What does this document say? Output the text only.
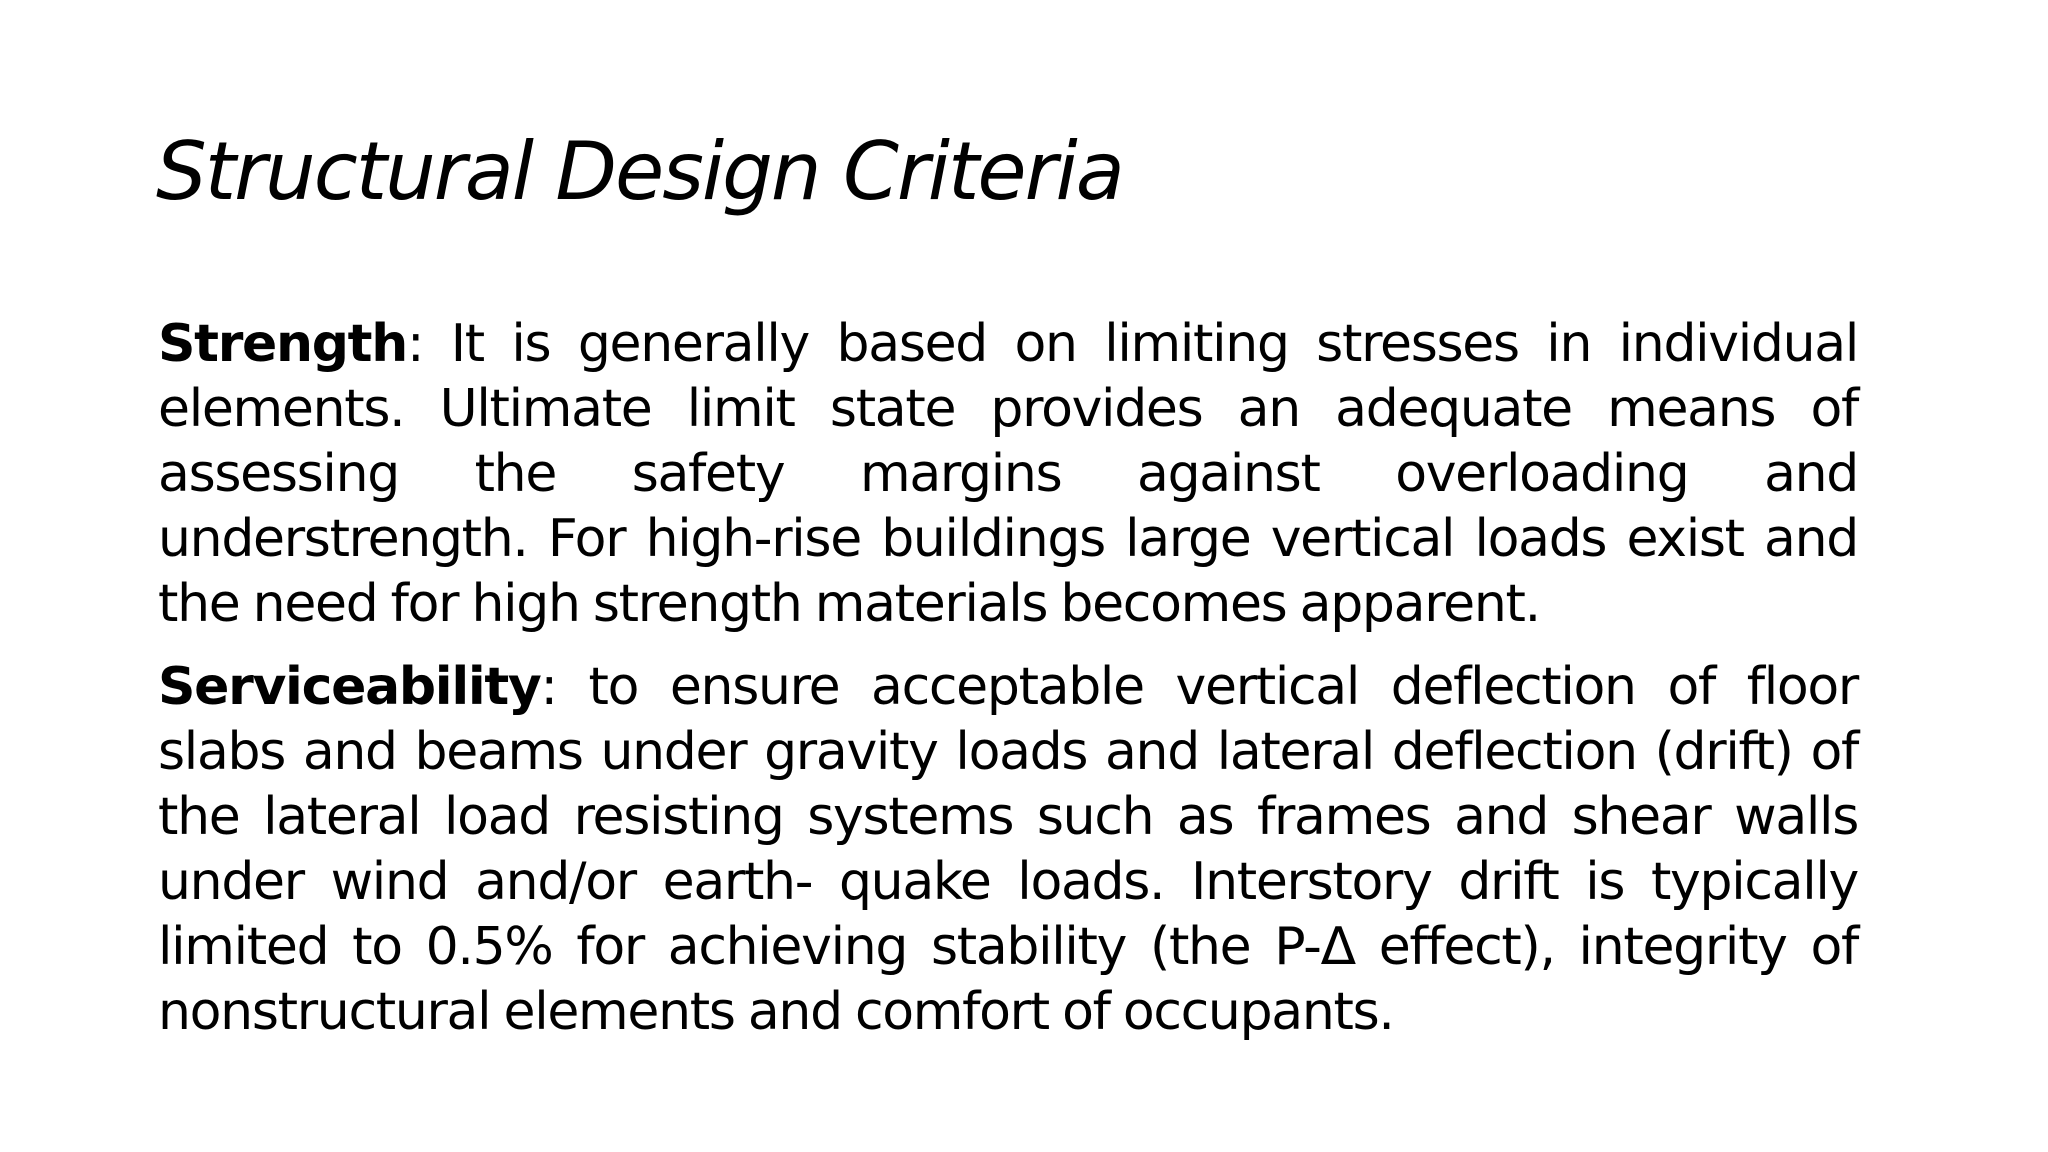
Structural Design Criteria

Strength: It is generally based on limiting stresses in individual elements. Ultimate limit state provides an adequate means of assessing the safety margins against overloading and understrength. For high-rise buildings large vertical loads exist and the need for high strength materials becomes apparent.

Serviceability: to ensure acceptable vertical deflection of floor slabs and beams under gravity loads and lateral deflection (drift) of the lateral load resisting systems such as frames and shear walls under wind and/or earth- quake loads. Interstory drift is typically limited to 0.5% for achieving stability (the P-Δ effect), integrity of nonstructural elements and comfort of occupants.
